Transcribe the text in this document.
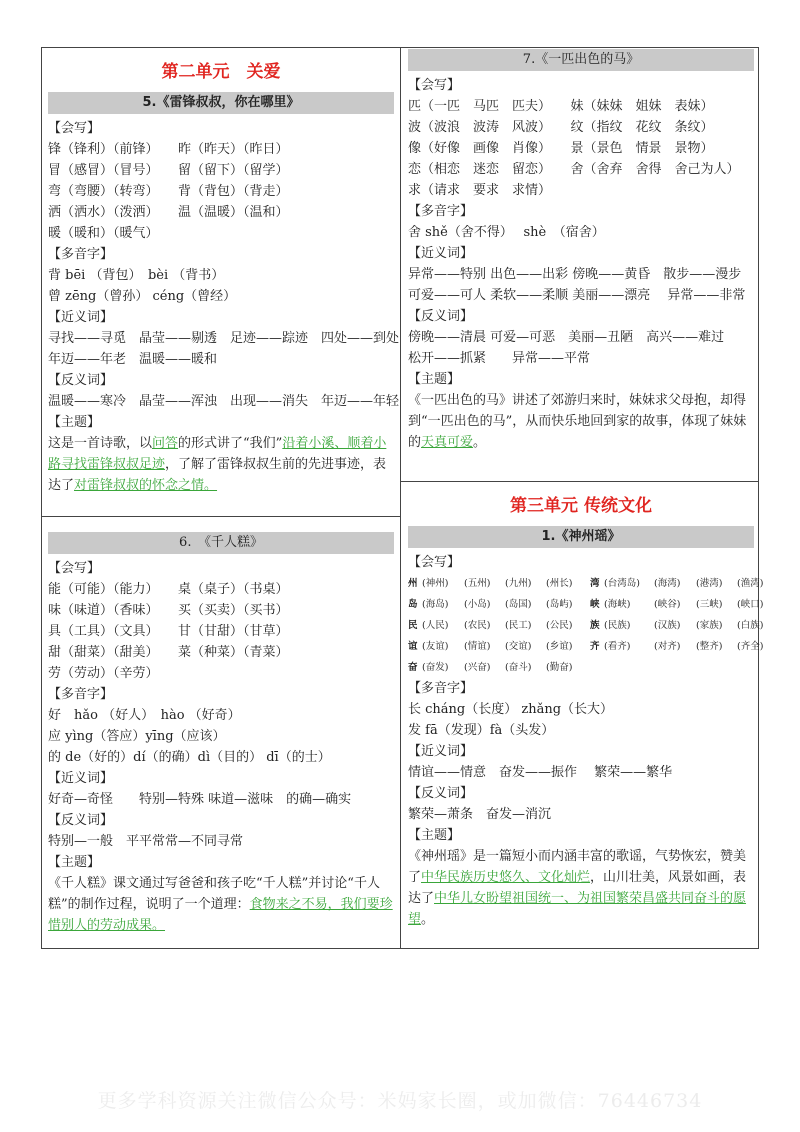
第二单元　关爱
5.《雷锋叔叔，你在哪里》

【会写】

锋（锋利）（前锋）　　昨（昨天）（昨日）

冒（感冒）（冒号）　　留（留下）（留学）

弯（弯腰）（转弯）　　背（背包）（背走）

洒（洒水）（泼洒）　　温（温暖）（温和）

暖（暖和）（暖气）

【多音字】

背 bēi （背包）　bèi （背书）

曾 zēng（曾孙） céng（曾经）

【近义词】

寻找——寻觅　晶莹——剔透　足迹——踪迹　四处——到处

年迈——年老　温暖——暖和

【反义词】

温暖——寒冷　晶莹——浑浊　出现——消失　年迈——年轻

【主题】

这是一首诗歌，以问答的形式讲了“我们”沿着小溪、顺着小路寻找雷锋叔叔足迹，了解了雷锋叔叔生前的先进事迹，表达了对雷锋叔叔的怀念之情。

6.　《千人糕》

【会写】

能（可能）（能力）　　桌（桌子）（书桌）

味（味道）（香味）　　买（买卖）（买书）

具（工具）（文具）　　甘（甘甜）（甘草）

甜（甜菜）（甜美）　　菜（种菜）（青菜）

劳（劳动）（辛劳）

【多音字】

好　hǎo （好人）　hào （好奇）

应 yìng（答应）yīng（应该）

的 de（好的）dí（的确）dì（目的） dī（的士）

【近义词】

好奇—奇怪　　特别—特殊 味道—滋味　的确—确实

【反义词】

特别—一般　平平常常—不同寻常

【主题】

《千人糕》课文通过写爸爸和孩子吃“千人糕”并讨论“千人糕”的制作过程，说明了一个道理：食物来之不易，我们要珍惜别人的劳动成果。

7.《一匹出色的马》

【会写】

匹（一匹　马匹　匹夫）　　妹（妹妹　姐妹　表妹）

波（波浪　波涛　风波）　　纹（指纹　花纹　条纹）

像（好像　画像　肖像）　　景（景色　情景　景物）

恋（相恋　迷恋　留恋）　　舍（舍弃　舍得　舍己为人）

求（请求　要求　求情）

【多音字】

舍 shě（舍不得）　 shè　（宿舍）

【近义词】

异常——特别 出色——出彩 傍晚——黄昏　散步——漫步

可爱——可人 柔软——柔顺 美丽——漂亮　 异常——非常

【反义词】

傍晚——清晨 可爱—可恶　美丽—丑陋　高兴——难过

松开——抓紧　　异常——平常

【主题】

《一匹出色的马》讲述了郊游归来时，妹妹求父母抱，却得到“一匹出色的马”，从而快乐地回到家的故事，体现了妹妹的天真可爱。

第三单元 传统文化
1.《神州瑶》

【会写】

州 (神州) (五州) (九州) (州长) 湾 (台湾岛) (海湾) (港湾) (渔湾)
岛 (海岛) (小岛) (岛国) (岛屿) 峡 (海峡) (峡谷) (三峡) (峡口)
民 (人民) (农民) (民工) (公民) 族 (民族) (汉族) (家族) (白族)
谊 (友谊) (情谊) (交谊) (乡谊) 齐 (看齐) (对齐) (整齐) (齐全)
奋 (奋发) (兴奋) (奋斗) (勤奋)

【多音字】

长 cháng（长度） zhǎng（长大）

发 fā（发现）fà（头发）

【近义词】

情谊——情意　奋发——振作　 繁荣——繁华

【反义词】

繁荣—萧条　奋发—消沉

【主题】

《神州瑶》是一篇短小而内涵丰富的歌谣，气势恢宏，赞美了中华民族历史悠久、文化灿烂，山川壮美，风景如画，表达了中华儿女盼望祖国统一、为祖国繁荣昌盛共同奋斗的愿望。

更多学科资源关注微信公众号：米妈家长圈，或加微信：76446734
